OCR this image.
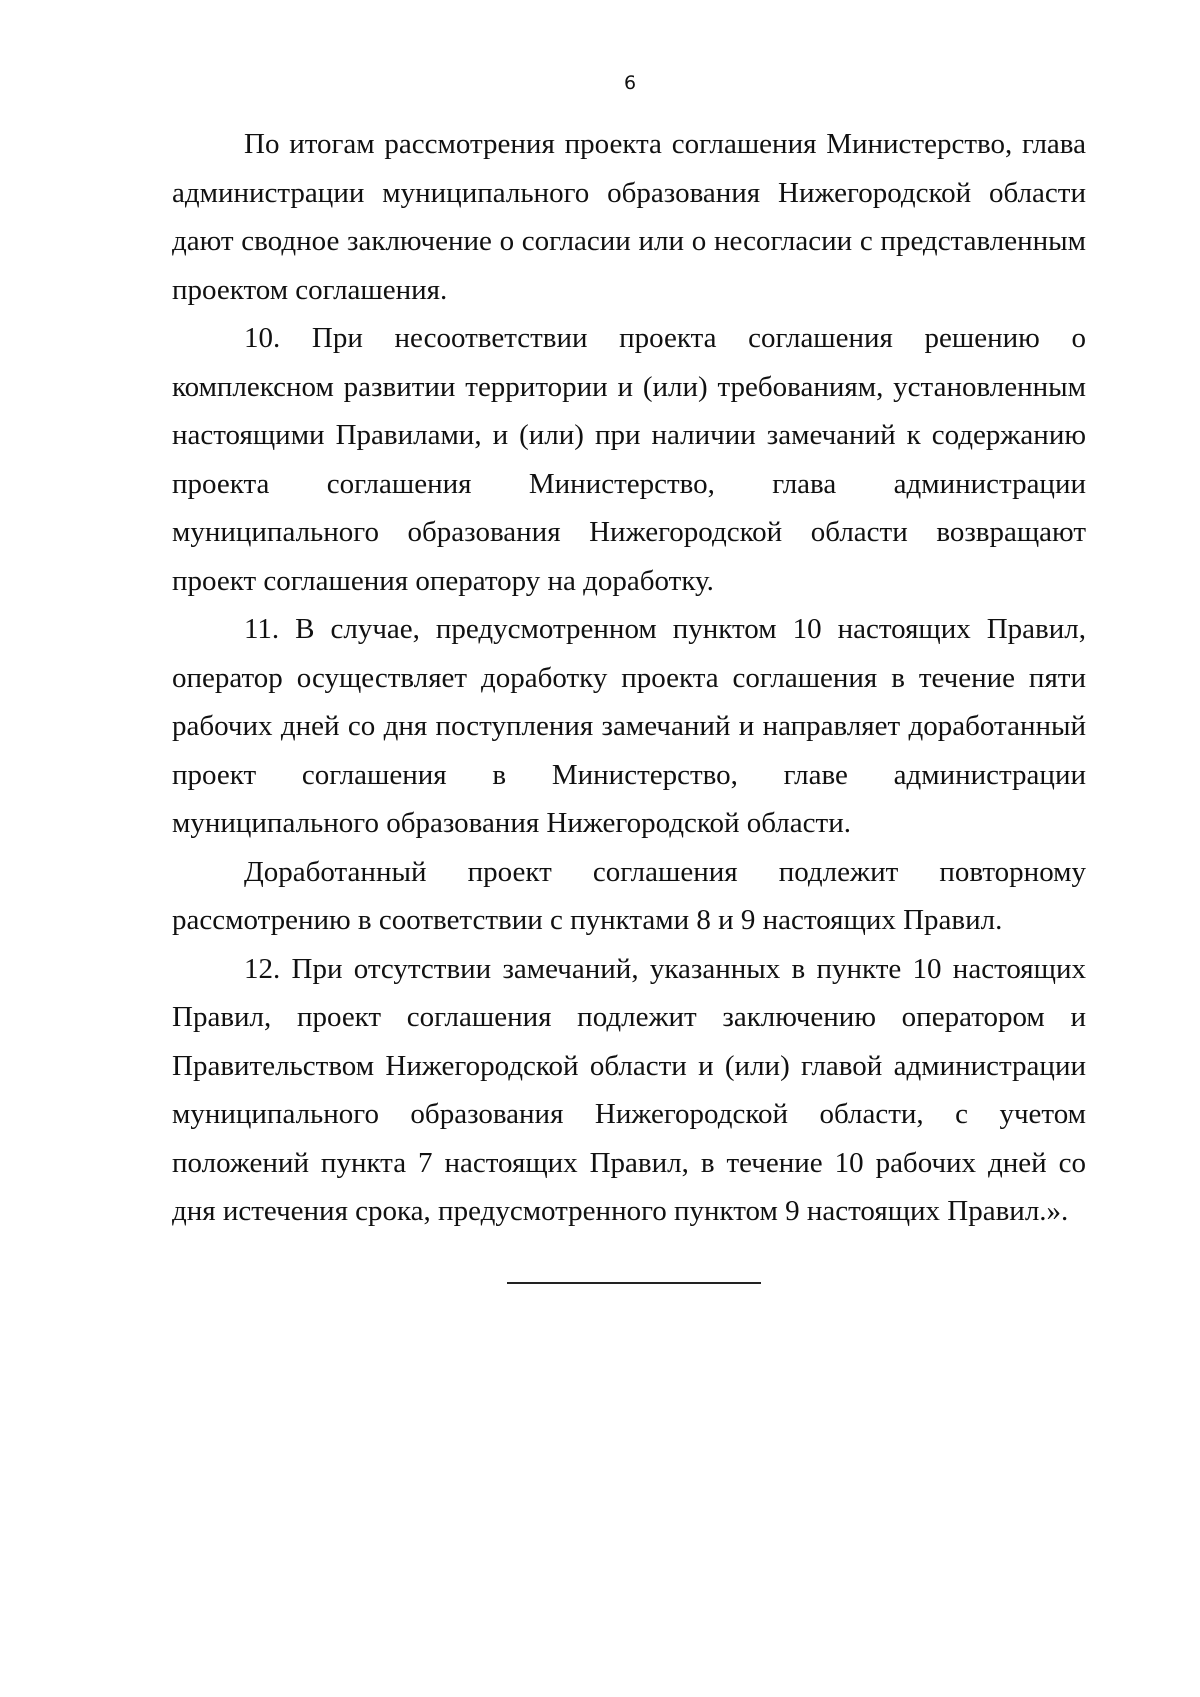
6

По итогам рассмотрения проекта соглашения Министерство, глава администрации муниципального образования Нижегородской области дают сводное заключение о согласии или о несогласии с представленным проектом соглашения.

10. При несоответствии проекта соглашения решению о комплексном развитии территории и (или) требованиям, установленным настоящими Правилами, и (или) при наличии замечаний к содержанию проекта соглашения Министерство, глава администрации муниципального образования Нижегородской области возвращают проект соглашения оператору на доработку.

11. В случае, предусмотренном пунктом 10 настоящих Правил, оператор осуществляет доработку проекта соглашения в течение пяти рабочих дней со дня поступления замечаний и направляет доработанный проект соглашения в Министерство, главе администрации муниципального образования Нижегородской области.

Доработанный проект соглашения подлежит повторному рассмотрению в соответствии с пунктами 8 и 9 настоящих Правил.

12. При отсутствии замечаний, указанных в пункте 10 настоящих Правил, проект соглашения подлежит заключению оператором и Правительством Нижегородской области и (или) главой администрации муниципального образования Нижегородской области, с учетом положений пункта 7 настоящих Правил, в течение 10 рабочих дней со дня истечения срока, предусмотренного пунктом 9 настоящих Правил.».
